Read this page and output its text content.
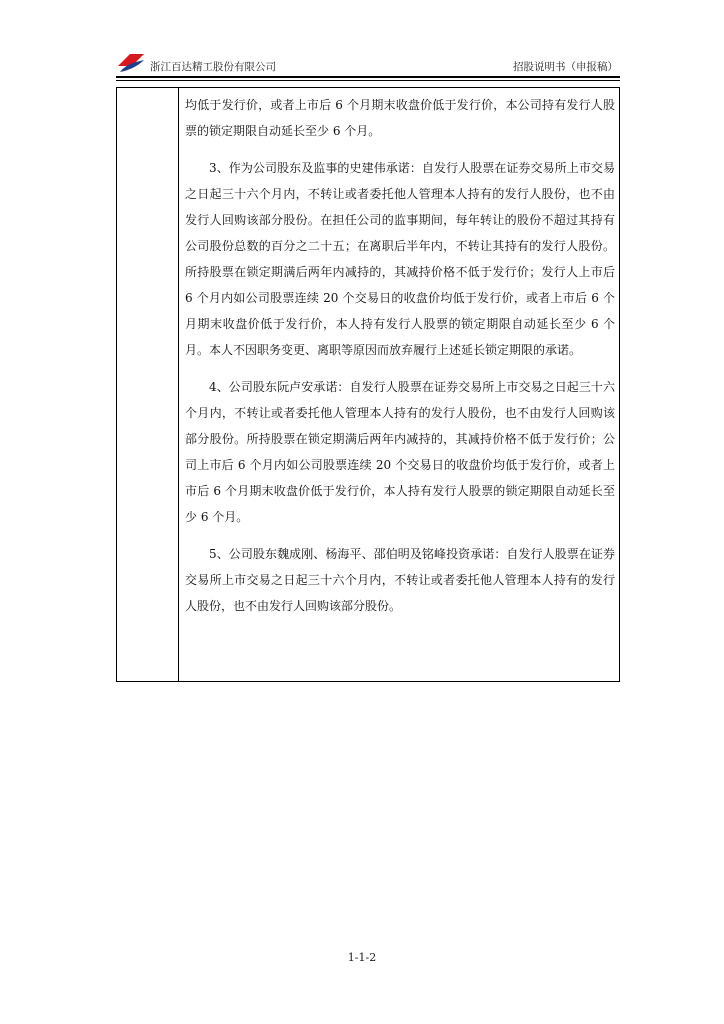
浙江百达精工股份有限公司	招股说明书（申报稿）

均低于发行价，或者上市后 6 个月期末收盘价低于发行价，本公司持有发行人股票的锁定期限自动延长至少 6 个月。

3、作为公司股东及监事的史建伟承诺：自发行人股票在证券交易所上市交易之日起三十六个月内，不转让或者委托他人管理本人持有的发行人股份，也不由发行人回购该部分股份。在担任公司的监事期间，每年转让的股份不超过其持有公司股份总数的百分之二十五；在离职后半年内，不转让其持有的发行人股份。所持股票在锁定期满后两年内减持的，其减持价格不低于发行价；发行人上市后 6 个月内如公司股票连续 20 个交易日的收盘价均低于发行价，或者上市后 6 个月期末收盘价低于发行价，本人持有发行人股票的锁定期限自动延长至少 6 个月。本人不因职务变更、离职等原因而放弃履行上述延长锁定期限的承诺。

4、公司股东阮卢安承诺：自发行人股票在证券交易所上市交易之日起三十六个月内，不转让或者委托他人管理本人持有的发行人股份，也不由发行人回购该部分股份。所持股票在锁定期满后两年内减持的，其减持价格不低于发行价；公司上市后 6 个月内如公司股票连续 20 个交易日的收盘价均低于发行价，或者上市后 6 个月期末收盘价低于发行价，本人持有发行人股票的锁定期限自动延长至少 6 个月。

5、公司股东魏成刚、杨海平、邵伯明及铭峰投资承诺：自发行人股票在证券交易所上市交易之日起三十六个月内，不转让或者委托他人管理本人持有的发行人股份，也不由发行人回购该部分股份。

1-1-2
